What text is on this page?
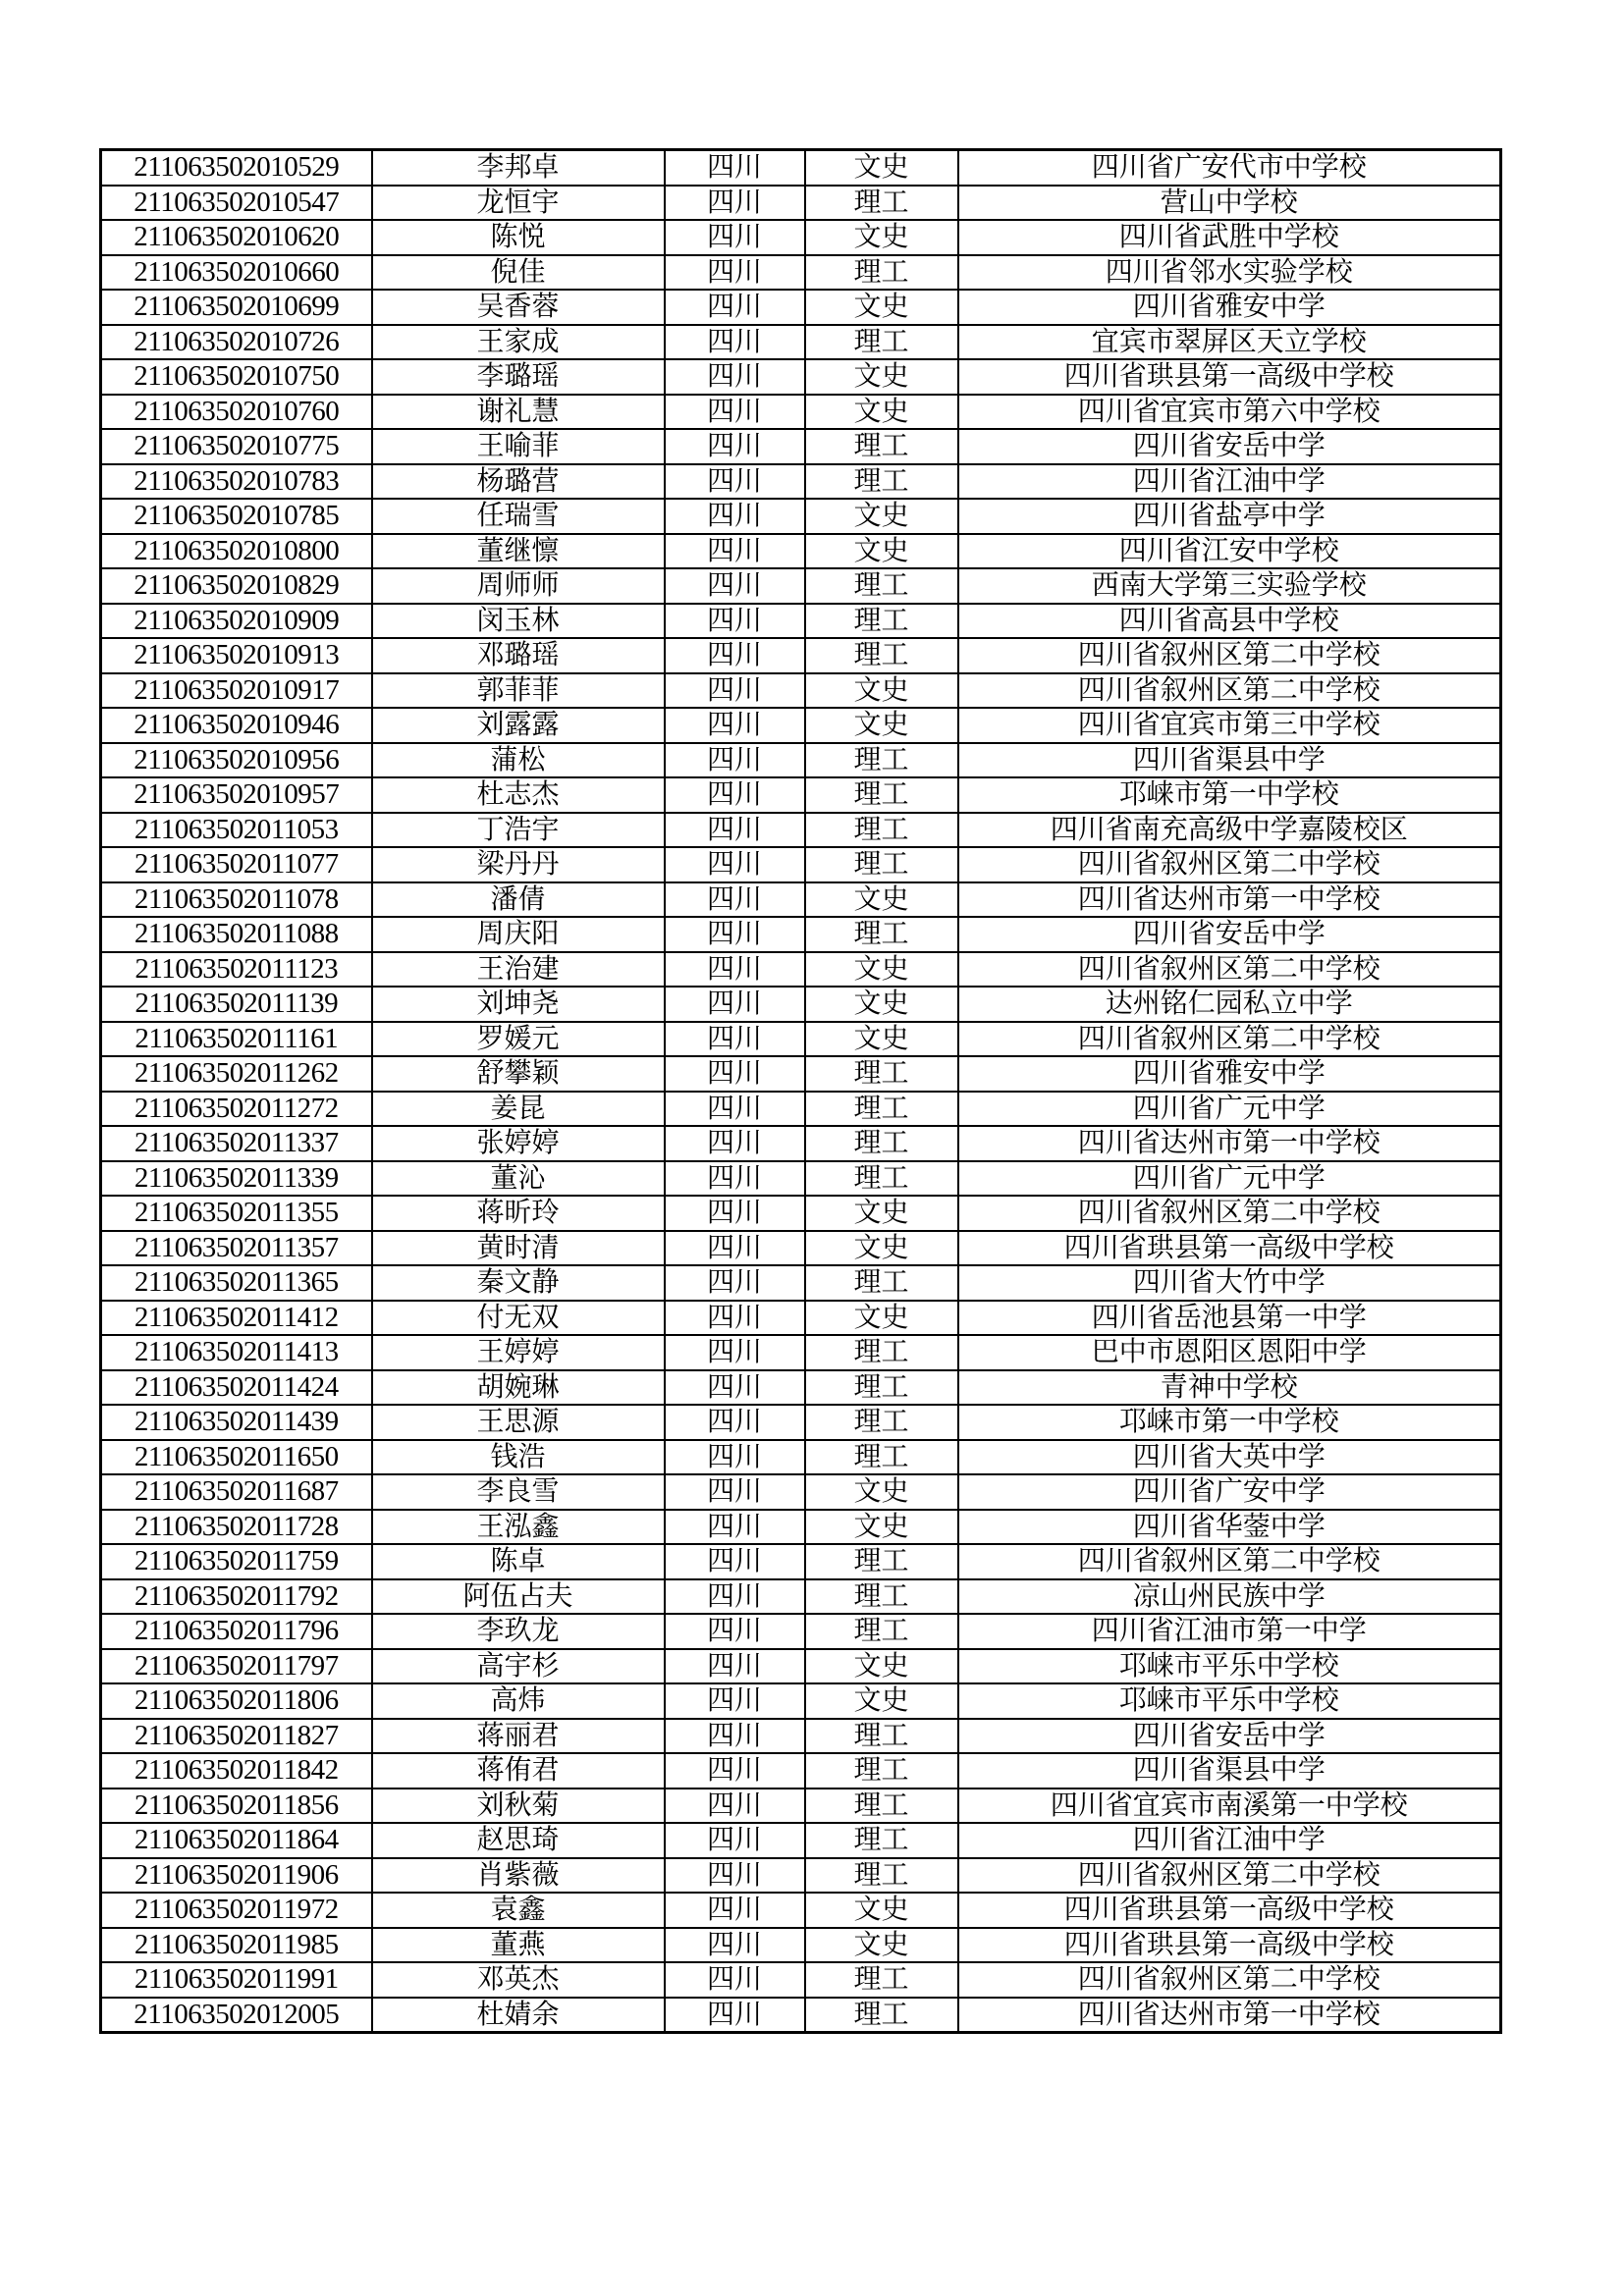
211063502010529	李邦卓	四川	文史	四川省广安代市中学校
211063502010547	龙恒宇	四川	理工	营山中学校
211063502010620	陈悦	四川	文史	四川省武胜中学校
211063502010660	倪佳	四川	理工	四川省邻水实验学校
211063502010699	吴香蓉	四川	文史	四川省雅安中学
211063502010726	王家成	四川	理工	宜宾市翠屏区天立学校
211063502010750	李璐瑶	四川	文史	四川省珙县第一高级中学校
211063502010760	谢礼慧	四川	文史	四川省宜宾市第六中学校
211063502010775	王喻菲	四川	理工	四川省安岳中学
211063502010783	杨璐营	四川	理工	四川省江油中学
211063502010785	任瑞雪	四川	文史	四川省盐亭中学
211063502010800	董继懔	四川	文史	四川省江安中学校
211063502010829	周师师	四川	理工	西南大学第三实验学校
211063502010909	闵玉林	四川	理工	四川省高县中学校
211063502010913	邓璐瑶	四川	理工	四川省叙州区第二中学校
211063502010917	郭菲菲	四川	文史	四川省叙州区第二中学校
211063502010946	刘露露	四川	文史	四川省宜宾市第三中学校
211063502010956	蒲松	四川	理工	四川省渠县中学
211063502010957	杜志杰	四川	理工	邛崃市第一中学校
211063502011053	丁浩宇	四川	理工	四川省南充高级中学嘉陵校区
211063502011077	梁丹丹	四川	理工	四川省叙州区第二中学校
211063502011078	潘倩	四川	文史	四川省达州市第一中学校
211063502011088	周庆阳	四川	理工	四川省安岳中学
211063502011123	王治建	四川	文史	四川省叙州区第二中学校
211063502011139	刘坤尧	四川	文史	达州铭仁园私立中学
211063502011161	罗媛元	四川	文史	四川省叙州区第二中学校
211063502011262	舒攀颖	四川	理工	四川省雅安中学
211063502011272	姜昆	四川	理工	四川省广元中学
211063502011337	张婷婷	四川	理工	四川省达州市第一中学校
211063502011339	董沁	四川	理工	四川省广元中学
211063502011355	蒋昕玲	四川	文史	四川省叙州区第二中学校
211063502011357	黄时清	四川	文史	四川省珙县第一高级中学校
211063502011365	秦文静	四川	理工	四川省大竹中学
211063502011412	付无双	四川	文史	四川省岳池县第一中学
211063502011413	王婷婷	四川	理工	巴中市恩阳区恩阳中学
211063502011424	胡婉琳	四川	理工	青神中学校
211063502011439	王思源	四川	理工	邛崃市第一中学校
211063502011650	钱浩	四川	理工	四川省大英中学
211063502011687	李良雪	四川	文史	四川省广安中学
211063502011728	王泓鑫	四川	文史	四川省华蓥中学
211063502011759	陈卓	四川	理工	四川省叙州区第二中学校
211063502011792	阿伍占夫	四川	理工	凉山州民族中学
211063502011796	李玖龙	四川	理工	四川省江油市第一中学
211063502011797	高宇杉	四川	文史	邛崃市平乐中学校
211063502011806	高炜	四川	文史	邛崃市平乐中学校
211063502011827	蒋丽君	四川	理工	四川省安岳中学
211063502011842	蒋侑君	四川	理工	四川省渠县中学
211063502011856	刘秋菊	四川	理工	四川省宜宾市南溪第一中学校
211063502011864	赵思琦	四川	理工	四川省江油中学
211063502011906	肖紫薇	四川	理工	四川省叙州区第二中学校
211063502011972	袁鑫	四川	文史	四川省珙县第一高级中学校
211063502011985	董燕	四川	文史	四川省珙县第一高级中学校
211063502011991	邓英杰	四川	理工	四川省叙州区第二中学校
211063502012005	杜婧余	四川	理工	四川省达州市第一中学校
